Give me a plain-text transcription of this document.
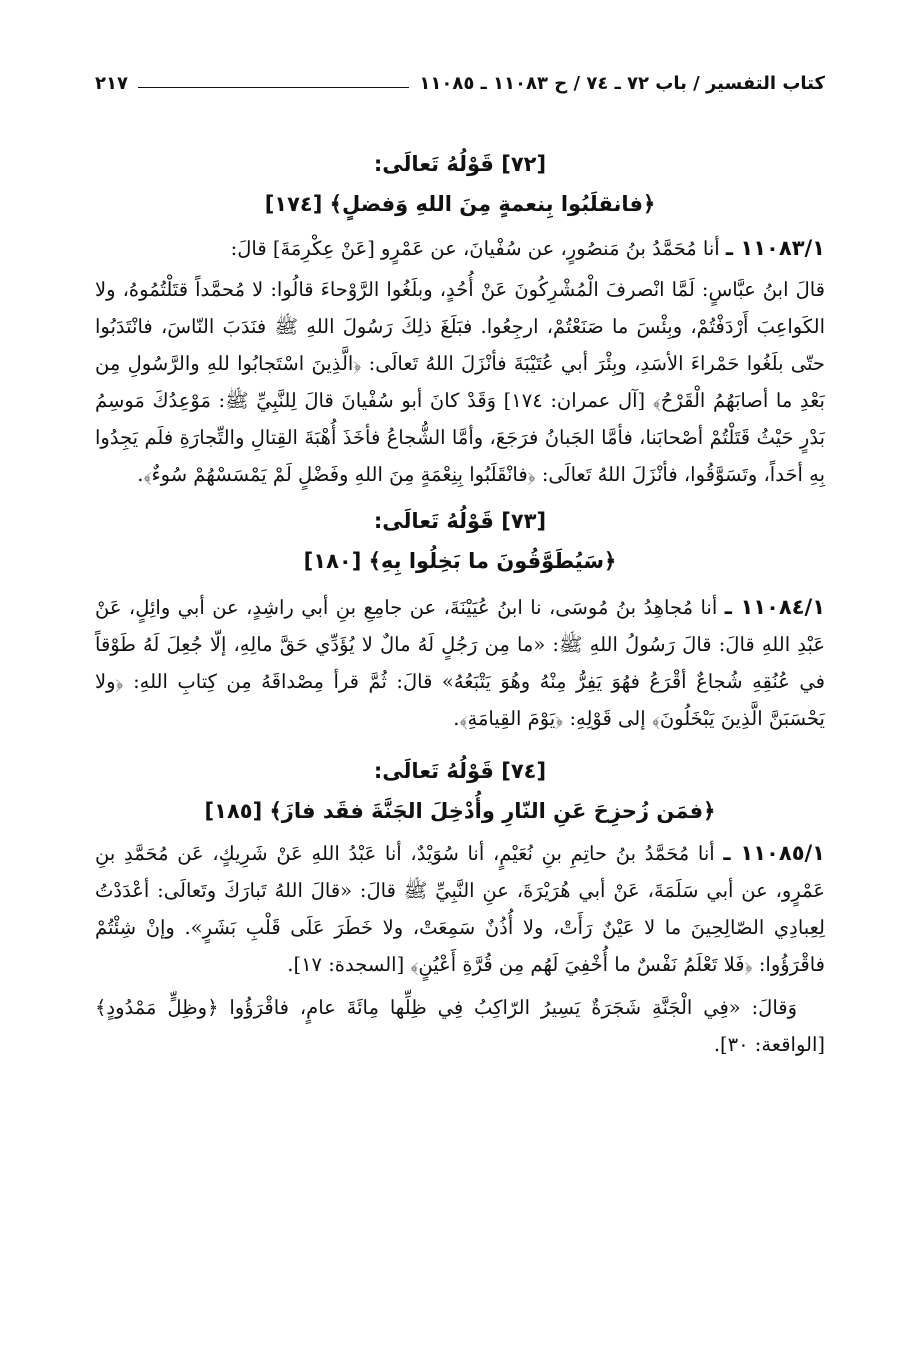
كتاب التفسير / باب ٧٢ ـ ٧٤ / ح ١١٠٨٣ ـ ١١٠٨٥
٢١٧
[٧٢] قَوْلُهُ تَعالَى:
﴿فانقلَبُوا بِنعمةٍ مِنَ اللهِ وَفضلٍ﴾ [١٧٤]

١١٠٨٣/١ ـ أنا مُحَمَّدُ بنُ مَنصُورٍ، عن سُفْيانَ، عن عَمْرٍو [عَنْ عِكْرِمَةَ] قالَ:

قالَ ابنُ عبَّاسٍ: لَمَّا انْصرفَ الْمُشْرِكُونَ عَنْ أُحُدٍ، وبلَغُوا الرَّوْحاءَ قالُوا: لا مُحمَّداً قتَلْتُمُوهُ، ولا الكَواعِبَ أَرْدَفْتُمْ، وبِئْسَ ما صَنَعْتُمْ، ارجِعُوا. فبَلَغَ ذلِكَ رَسُولَ اللهِ ﷺ فنَدَبَ النّاسَ، فانْتَدَبُوا حتّى بلَغُوا حَمْراءَ الأسَدِ، وبِئْرَ أبي عُتَيْبَةَ فأنْزَلَ اللهُ تَعالَى: ﴿الَّذِينَ اسْتَجابُوا للهِ والرَّسُولِ مِن بَعْدِ ما أصابَهُمُ الْقَرْحُ﴾ [آل عمران: ١٧٤] وَقَدْ كانَ أبو سُفْيانَ قالَ لِلنَّبِيِّ ﷺ: مَوْعِدُكَ مَوسِمُ بَدْرٍ حَيْثُ قَتَلْتُمْ أصْحابَنا، فأمَّا الجَبانُ فرَجَعَ، وأمَّا الشُّجاعُ فأخَذَ أُهْبَةَ القِتالِ والتِّجارَةِ فلَم يَجِدُوا بِهِ أحَداً، وتَسَوَّقُوا، فأنْزَلَ اللهُ تَعالَى: ﴿فانْقَلَبُوا بِنِعْمَةٍ مِنَ اللهِ وفَضْلٍ لَمْ يَمْسَسْهُمْ سُوءٌ﴾.

[٧٣] قَوْلُهُ تَعالَى:
﴿سَيُطَوَّقُونَ ما بَخِلُوا بِهِ﴾ [١٨٠]

١١٠٨٤/١ ـ أنا مُجاهِدُ بنُ مُوسَى، نا ابنُ عُيَيْنَةَ، عن جامِعِ بنِ أبي راشِدٍ، عن أبي وائِلٍ، عَنْ عَبْدِ اللهِ قالَ: قالَ رَسُولُ اللهِ ﷺ: «ما مِن رَجُلٍ لَهُ مالٌ لا يُؤَدِّي حَقَّ مالِهِ، إلّا جُعِلَ لَهُ طَوْقاً في عُنُقِهِ شُجاعٌ أقْرَعُ فهُوَ يَفِرُّ مِنْهُ وهُوَ يَتْبَعُهُ» قالَ: ثُمَّ قرأ مِصْداقَهُ مِن كِتابِ اللهِ: ﴿ولا يَحْسَبَنَّ الَّذِينَ يَبْخَلُونَ﴾ إلى قَوْلِهِ: ﴿يَوْمَ القِيامَةِ﴾.

[٧٤] قَوْلُهُ تَعالَى:
﴿فمَن زُحزِحَ عَنِ النّارِ وأُدْخِلَ الجَنَّةَ فقَد فازَ﴾ [١٨٥]

١١٠٨٥/١ ـ أنا مُحَمَّدُ بنُ حاتِمِ بنِ نُعَيْمٍ، أنا سُوَيْدٌ، أنا عَبْدُ اللهِ عَنْ شَرِيكٍ، عَن مُحَمَّدِ بنِ عَمْرٍو، عن أبي سَلَمَةَ، عَنْ أبي هُرَيْرَةَ، عنِ النَّبِيِّ ﷺ قالَ: «قالَ اللهُ تَبارَكَ وتَعالَى: أعْدَدْتُ لِعِبادِي الصّالِحِينَ ما لا عَيْنٌ رَأَتْ، ولا أُذُنٌ سَمِعَتْ، ولا خَطَرَ عَلَى قَلْبِ بَشَرٍ». وإنْ شِئْتُمْ فاقْرَؤُوا: ﴿فَلا تَعْلَمُ نَفْسٌ ما أُخْفِيَ لَهُم مِن قُرَّةِ أَعْيُنٍ﴾ [السجدة: ١٧].

وَقالَ: «فِي الْجَنَّةِ شَجَرَةٌ يَسِيرُ الرّاكِبُ فِي ظِلِّها مِائَةَ عامٍ، فاقْرَؤُوا ﴿وظِلٍّ مَمْدُودٍ﴾ [الواقعة: ٣٠].
